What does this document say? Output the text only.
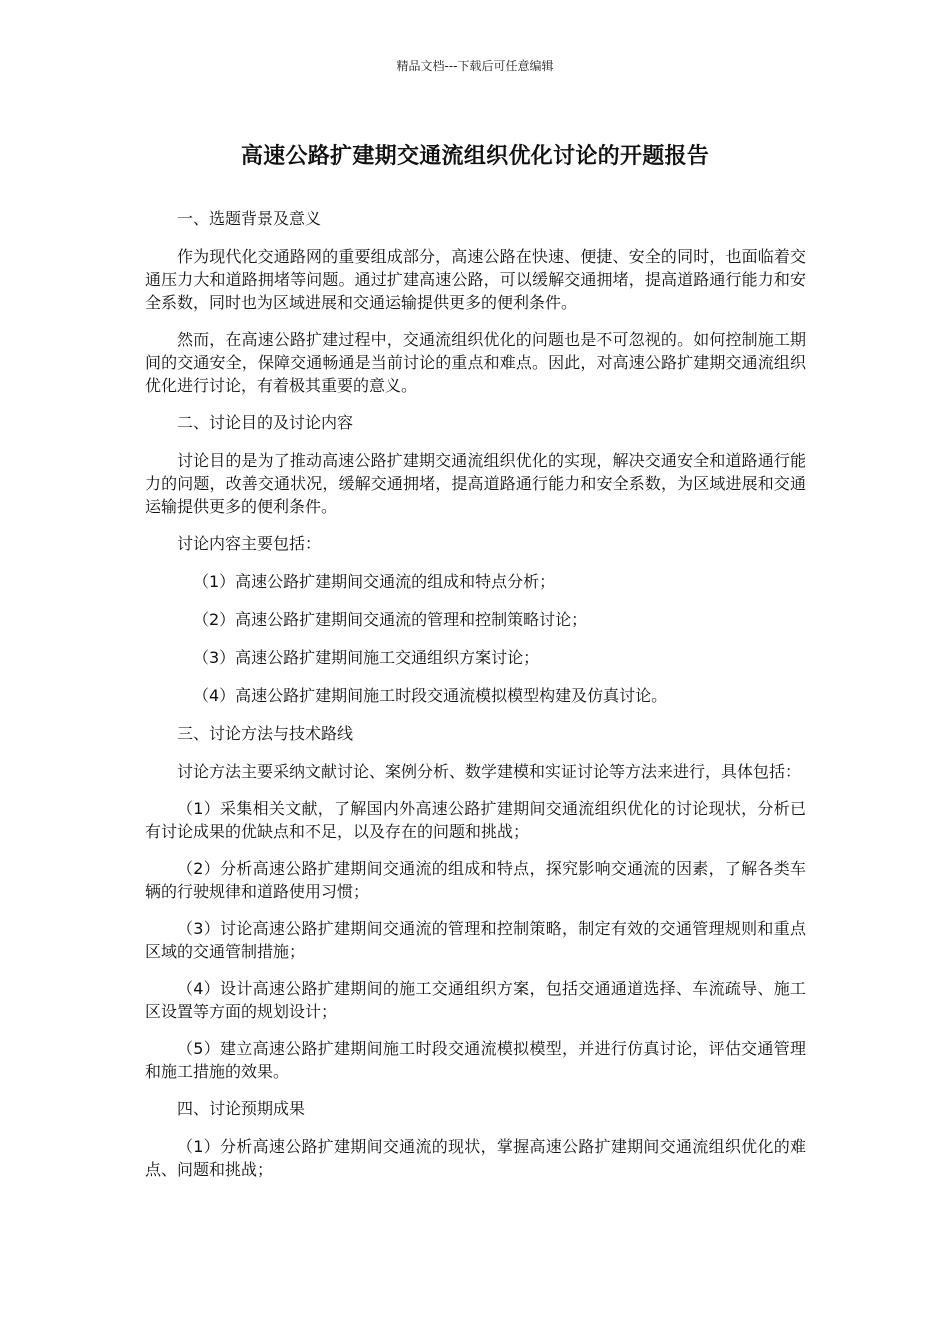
精品文档---下载后可任意编辑
高速公路扩建期交通流组织优化讨论的开题报告

一、选题背景及意义

作为现代化交通路网的重要组成部分，高速公路在快速、便捷、安全的同时，也面临着交通压力大和道路拥堵等问题。通过扩建高速公路，可以缓解交通拥堵，提高道路通行能力和安全系数，同时也为区域进展和交通运输提供更多的便利条件。

然而，在高速公路扩建过程中，交通流组织优化的问题也是不可忽视的。如何控制施工期间的交通安全，保障交通畅通是当前讨论的重点和难点。因此，对高速公路扩建期交通流组织优化进行讨论，有着极其重要的意义。

二、讨论目的及讨论内容

讨论目的是为了推动高速公路扩建期交通流组织优化的实现，解决交通安全和道路通行能力的问题，改善交通状况，缓解交通拥堵，提高道路通行能力和安全系数，为区域进展和交通运输提供更多的便利条件。

讨论内容主要包括：

（1）高速公路扩建期间交通流的组成和特点分析；

（2）高速公路扩建期间交通流的管理和控制策略讨论；

（3）高速公路扩建期间施工交通组织方案讨论；

（4）高速公路扩建期间施工时段交通流模拟模型构建及仿真讨论。

三、讨论方法与技术路线

讨论方法主要采纳文献讨论、案例分析、数学建模和实证讨论等方法来进行，具体包括：

（1）采集相关文献，了解国内外高速公路扩建期间交通流组织优化的讨论现状，分析已有讨论成果的优缺点和不足，以及存在的问题和挑战；

（2）分析高速公路扩建期间交通流的组成和特点，探究影响交通流的因素，了解各类车辆的行驶规律和道路使用习惯；

（3）讨论高速公路扩建期间交通流的管理和控制策略，制定有效的交通管理规则和重点区域的交通管制措施；

（4）设计高速公路扩建期间的施工交通组织方案，包括交通通道选择、车流疏导、施工区设置等方面的规划设计；

（5）建立高速公路扩建期间施工时段交通流模拟模型，并进行仿真讨论，评估交通管理和施工措施的效果。

四、讨论预期成果

（1）分析高速公路扩建期间交通流的现状，掌握高速公路扩建期间交通流组织优化的难点、问题和挑战；
